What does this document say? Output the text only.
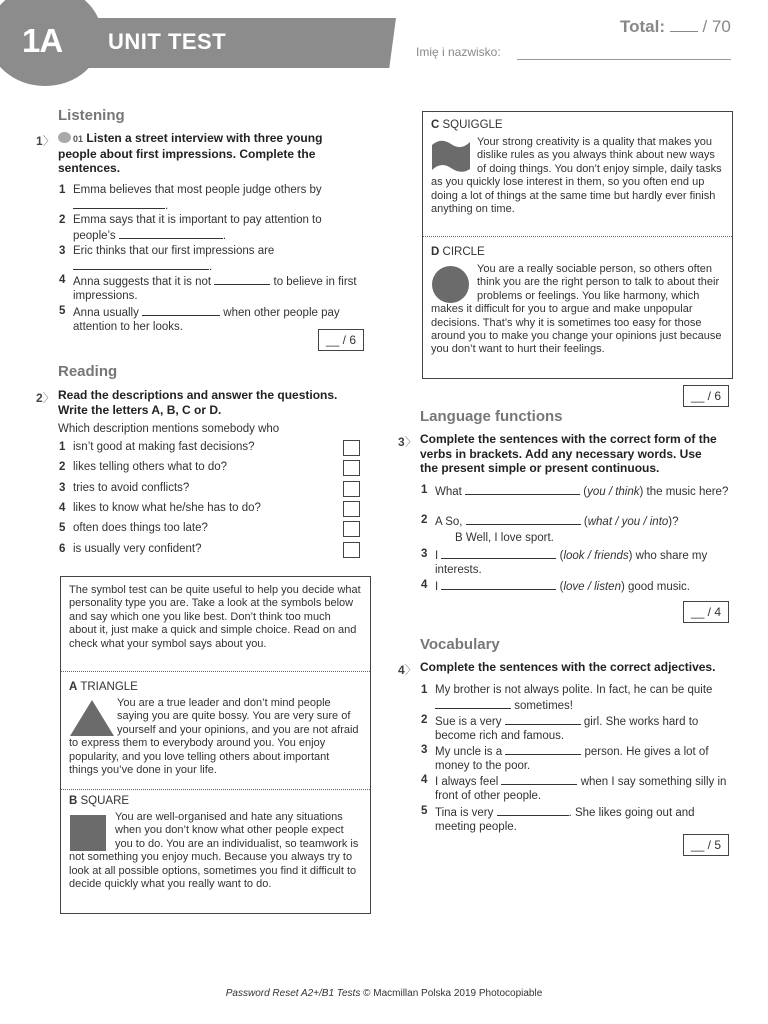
1A UNIT TEST
Total: / 70
Imię i nazwisko:
Listening
1〉	01 Listen a street interview with three young people about first impressions. Complete the sentences.
1 Emma believes that most people judge others by
.
2 Emma says that it is important to pay attention to people’s	.
3 Eric thinks that our first impressions are
.
4 Anna suggests that it is not	to believe in first impressions.
5 Anna usually	when other people pay attention to her looks.
__ / 6
Reading
2〉 Read the descriptions and answer the questions. Write the letters A, B, C or D.
Which description mentions somebody who
1 isn’t good at making fast decisions?
2 likes telling others what to do?
3 tries to avoid conflicts?
4 likes to know what he/she has to do?
5 often does things too late?
6 is usually very confident?
The symbol test can be quite useful to help you decide what personality type you are. Take a look at the symbols below and say which one you like best. Don’t think too much about it, just make a quick and simple choice. Read on and check what your symbol says about you.
A TRIANGLE
You are a true leader and don’t mind people saying you are quite bossy. You are very sure of yourself and your opinions, and you are not afraid to express them to everybody around you. You enjoy popularity, and you love telling others about important things you’ve done in your life.
B SQUARE
You are well-organised and hate any situations when you don’t know what other people expect you to do. You are an individualist, so teamwork is not something you enjoy much. Because you always try to look at all possible options, sometimes you find it difficult to decide quickly what you really want to do.
C SQUIGGLE
Your strong creativity is a quality that makes you dislike rules as you always think about new ways of doing things. You don’t enjoy simple, daily tasks as you quickly lose interest in them, so you often end up doing a lot of things at the same time but hardly ever finish anything on time.
D CIRCLE
You are a really sociable person, so others often think you are the right person to talk to about their problems or feelings. You like harmony, which makes it difficult for you to argue and make unpopular decisions. That’s why it is sometimes too easy for those around you to make you change your opinions just because you don’t want to hurt their feelings.
__ / 6
Language functions
3〉 Complete the sentences with the correct form of the verbs in brackets. Add any necessary words. Use the present simple or present continuous.
1 What	(you / think) the music here?
2 A So,	(what / you / into)?
B Well, I love sport.
3 I	(look / friends) who share my interests.
4 I	(love / listen) good music.
__ / 4
Vocabulary
4〉 Complete the sentences with the correct adjectives.
1 My brother is not always polite. In fact, he can be quite  sometimes!
2 Sue is a very	girl. She works hard to become rich and famous.
3 My uncle is a	person. He gives a lot of money to the poor.
4 I always feel	when I say something silly in front of other people.
5 Tina is very	. She likes going out and meeting people.
__ / 5
Password Reset A2+/B1 Tests © Macmillan Polska 2019 Photocopiable
